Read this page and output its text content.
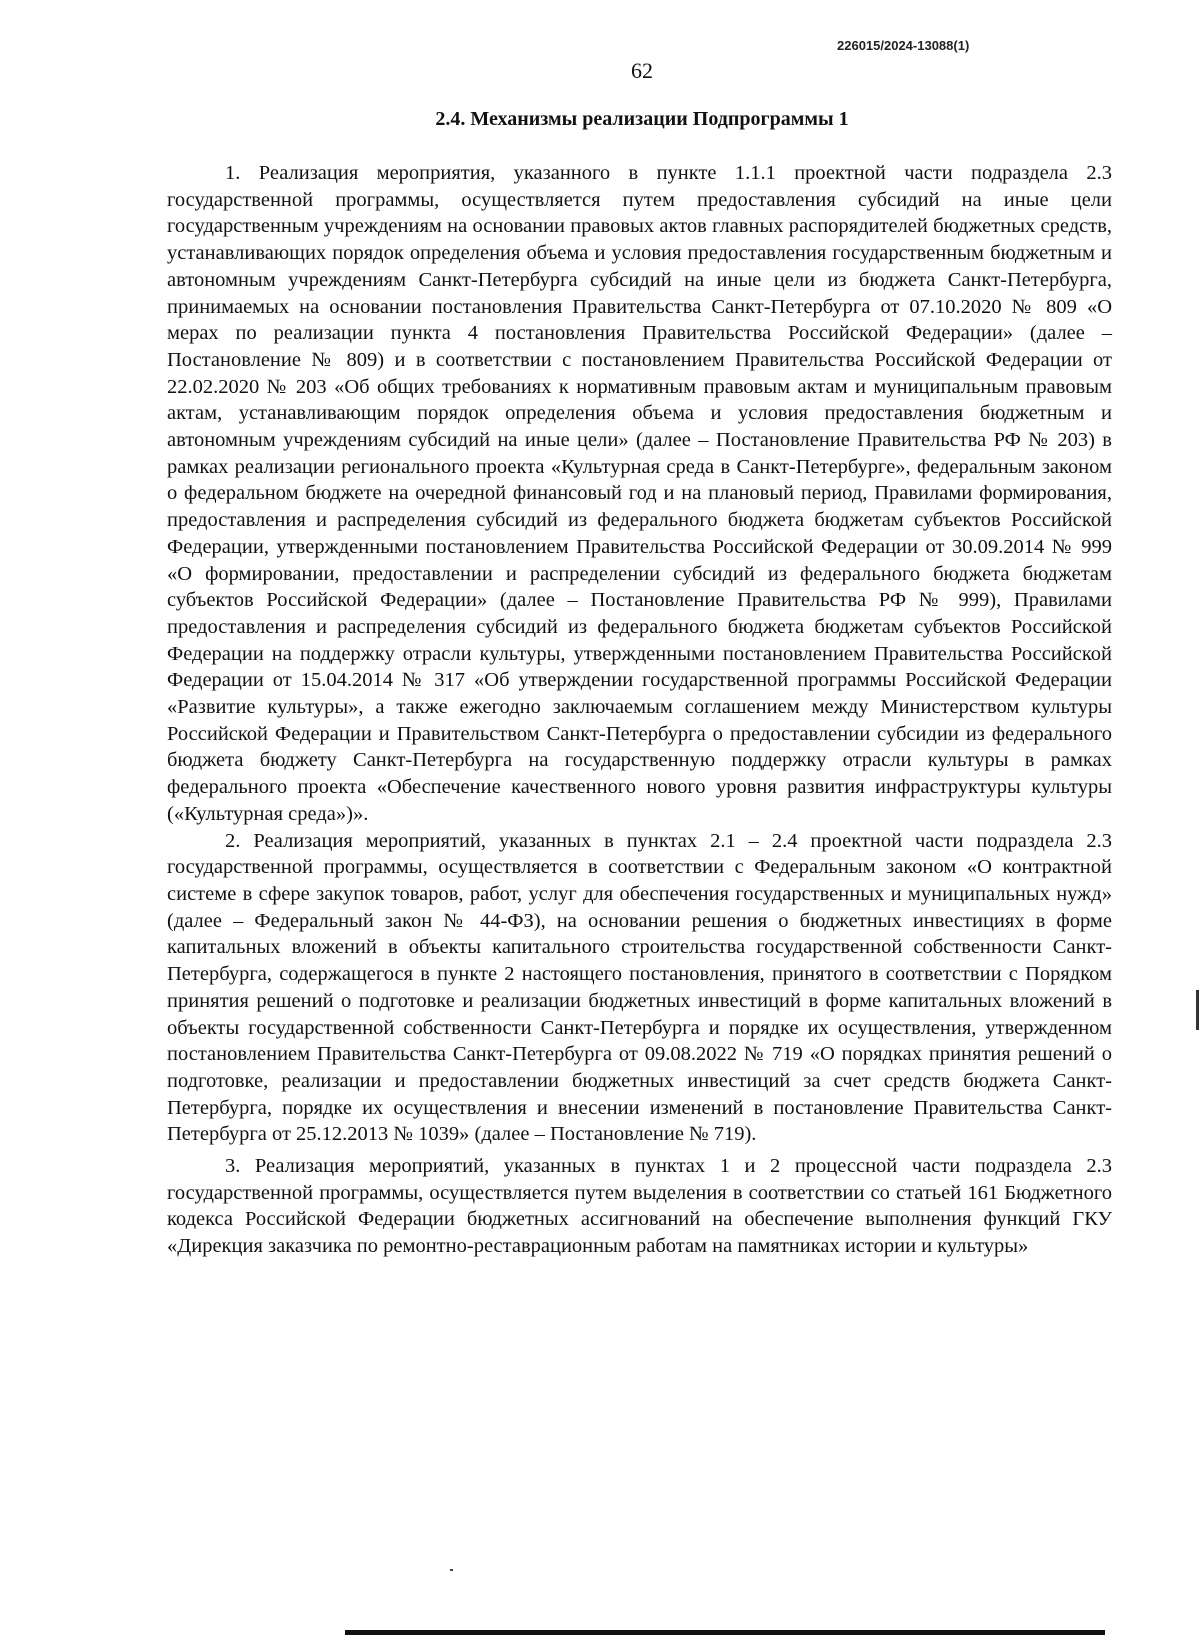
226015/2024-13088(1)
62
2.4. Механизмы реализации Подпрограммы 1

1. Реализация мероприятия, указанного в пункте 1.1.1 проектной части подраздела 2.3 государственной программы, осуществляется путем предоставления субсидий на иные цели государственным учреждениям на основании правовых актов главных распорядителей бюджетных средств, устанавливающих порядок определения объема и условия предоставления государственным бюджетным и автономным учреждениям Санкт-Петербурга субсидий на иные цели из бюджета Санкт-Петербурга, принимаемых на основании постановления Правительства Санкт-Петербурга от 07.10.2020 № 809 «О мерах по реализации пункта 4 постановления Правительства Российской Федерации» (далее – Постановление № 809) и в соответствии с постановлением Правительства Российской Федерации от 22.02.2020 № 203 «Об общих требованиях к нормативным правовым актам и муниципальным правовым актам, устанавливающим порядок определения объема и условия предоставления бюджетным и автономным учреждениям субсидий на иные цели» (далее – Постановление Правительства РФ № 203) в рамках реализации регионального проекта «Культурная среда в Санкт-Петербурге», федеральным законом о федеральном бюджете на очередной финансовый год и на плановый период, Правилами формирования, предоставления и распределения субсидий из федерального бюджета бюджетам субъектов Российской Федерации, утвержденными постановлением Правительства Российской Федерации от 30.09.2014 № 999 «О формировании, предоставлении и распределении субсидий из федерального бюджета бюджетам субъектов Российской Федерации» (далее – Постановление Правительства РФ № 999), Правилами предоставления и распределения субсидий из федерального бюджета бюджетам субъектов Российской Федерации на поддержку отрасли культуры, утвержденными постановлением Правительства Российской Федерации от 15.04.2014 № 317 «Об утверждении государственной программы Российской Федерации «Развитие культуры», а также ежегодно заключаемым соглашением между Министерством культуры Российской Федерации и Правительством Санкт-Петербурга о предоставлении субсидии из федерального бюджета бюджету Санкт-Петербурга на государственную поддержку отрасли культуры в рамках федерального проекта «Обеспечение качественного нового уровня развития инфраструктуры культуры («Культурная среда»)».

2. Реализация мероприятий, указанных в пунктах 2.1 – 2.4 проектной части подраздела 2.3 государственной программы, осуществляется в соответствии с Федеральным законом «О контрактной системе в сфере закупок товаров, работ, услуг для обеспечения государственных и муниципальных нужд» (далее – Федеральный закон № 44-ФЗ), на основании решения о бюджетных инвестициях в форме капитальных вложений в объекты капитального строительства государственной собственности Санкт-Петербурга, содержащегося в пункте 2 настоящего постановления, принятого в соответствии с Порядком принятия решений о подготовке и реализации бюджетных инвестиций в форме капитальных вложений в объекты государственной собственности Санкт-Петербурга и порядке их осуществления, утвержденном постановлением Правительства Санкт-Петербурга от 09.08.2022 № 719 «О порядках принятия решений о подготовке, реализации и предоставлении бюджетных инвестиций за счет средств бюджета Санкт-Петербурга, порядке их осуществления и внесении изменений в постановление Правительства Санкт-Петербурга от 25.12.2013 № 1039» (далее – Постановление № 719).

3. Реализация мероприятий, указанных в пунктах 1 и 2 процессной части подраздела 2.3 государственной программы, осуществляется путем выделения в соответствии со статьей 161 Бюджетного кодекса Российской Федерации бюджетных ассигнований на обеспечение выполнения функций ГКУ «Дирекция заказчика по ремонтно-реставрационным работам на памятниках истории и культуры»
